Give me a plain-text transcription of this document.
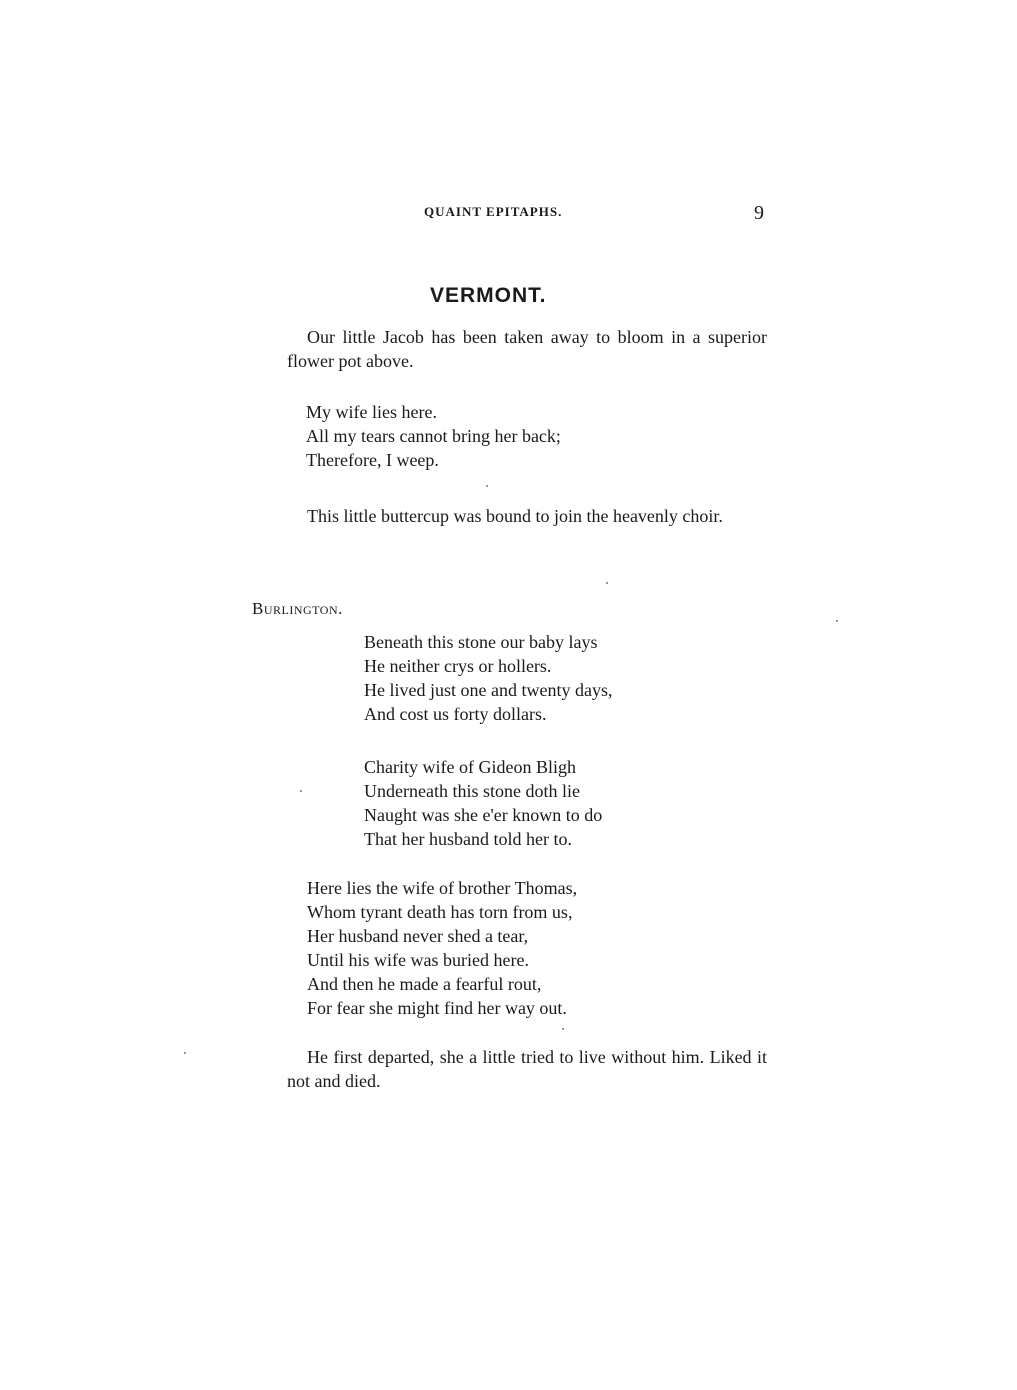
QUAINT EPITAPHS.	9
VERMONT.

Our little Jacob has been taken away to bloom in a superior flower pot above.

My wife lies here.
All my tears cannot bring her back;
Therefore, I weep.

This little buttercup was bound to join the heavenly choir.

Burlington.
Beneath this stone our baby lays
He neither crys or hollers.
He lived just one and twenty days,
And cost us forty dollars.
Charity wife of Gideon Bligh
Underneath this stone doth lie
Naught was she e'er known to do
That her husband told her to.
Here lies the wife of brother Thomas,
Whom tyrant death has torn from us,
Her husband never shed a tear,
Until his wife was buried here.
And then he made a fearful rout,
For fear she might find her way out.

He first departed, she a little tried to live without him. Liked it not and died.
